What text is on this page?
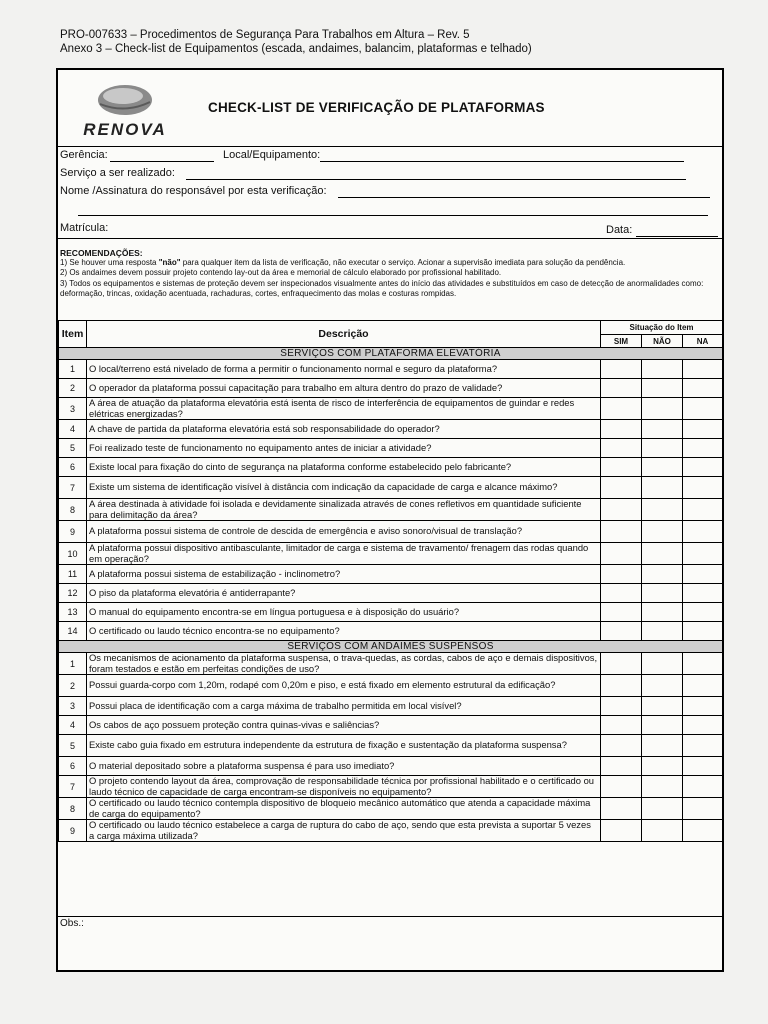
PRO-007633 – Procedimentos de Segurança Para Trabalhos em Altura – Rev. 5
Anexo 3 – Check-list de Equipamentos (escada, andaimes, balancim, plataformas e telhado)
RENOVA
CHECK-LIST DE VERIFICAÇÃO DE PLATAFORMAS
Gerência:	Local/Equipamento:
Serviço a ser realizado:
Nome /Assinatura do responsável por esta verificação:
Matrícula:	Data:
RECOMENDAÇÕES:
1) Se houver uma resposta "não" para qualquer item da lista de verificação, não executar o serviço. Acionar a supervisão imediata para solução da pendência.
2) Os andaimes devem possuir projeto contendo lay-out da área e memorial de cálculo elaborado por profissional habilitado.
3) Todos os equipamentos e sistemas de proteção devem ser inspecionados visualmente antes do início das atividades e substituídos em caso de detecção de anormalidades como: deformação, trincas, oxidação acentuada, rachaduras, cortes, enfraquecimento das molas e costuras rompidas.
Item	Descrição	Situação do Item		
		SIM	NÃO	NA
SERVIÇOS COM PLATAFORMA ELEVATÓRIA				
1	O local/terreno está nivelado de forma a permitir o funcionamento normal e seguro da plataforma?			
2	O operador da plataforma possui capacitação para trabalho em altura dentro do prazo de validade?			
3	A área de atuação da plataforma elevatória está isenta de risco de interferência de equipamentos de guindar e redes elétricas energizadas?			
4	A chave de partida da plataforma elevatória está sob responsabilidade do operador?			
5	Foi realizado teste de funcionamento no equipamento antes de iniciar a atividade?			
6	Existe local para fixação do cinto de segurança na plataforma conforme estabelecido pelo fabricante?			
7	Existe um sistema de identificação visível à distância com indicação da capacidade de carga e alcance máximo?			
8	A área destinada à atividade foi isolada e devidamente sinalizada através de cones refletivos em quantidade suficiente para delimitação da área?			
9	A plataforma possui sistema de controle de descida de emergência e aviso sonoro/visual de translação?			
10	A plataforma possui dispositivo antibasculante, limitador de carga e sistema de travamento/ frenagem das rodas quando em operação?			
11	A plataforma possui sistema de estabilização - inclinometro?			
12	O piso da plataforma elevatória é antiderrapante?			
13	O manual do equipamento encontra-se em língua portuguesa e à disposição do usuário?			
14	O certificado ou laudo técnico encontra-se no equipamento?			
SERVIÇOS COM ANDAIMES SUSPENSOS				
1	Os mecanismos de acionamento da plataforma suspensa, o trava-quedas, as cordas, cabos de aço e demais dispositivos, foram testados e estão em perfeitas condições de uso?			
2	Possui guarda-corpo com 1,20m, rodapé com 0,20m e piso, e está fixado em elemento estrutural da edificação?			
3	Possui placa de identificação com a carga máxima de trabalho permitida em local visível?			
4	Os cabos de aço possuem proteção contra quinas-vivas e saliências?			
5	Existe cabo guia fixado em estrutura independente da estrutura de fixação e sustentação da plataforma suspensa?			
6	O material depositado sobre a plataforma suspensa é para uso imediato?			
7	O projeto contendo layout da área, comprovação de responsabilidade técnica por profissional habilitado e o certificado ou laudo técnico de capacidade de carga encontram-se disponíveis no equipamento?			
8	O certificado ou laudo técnico contempla dispositivo de bloqueio mecânico automático que atenda a capacidade máxima de carga do equipamento?			
9	O certificado ou laudo técnico estabelece a carga de ruptura do cabo de aço, sendo que esta prevista a suportar 5 vezes a carga máxima utilizada?			
Obs.:
